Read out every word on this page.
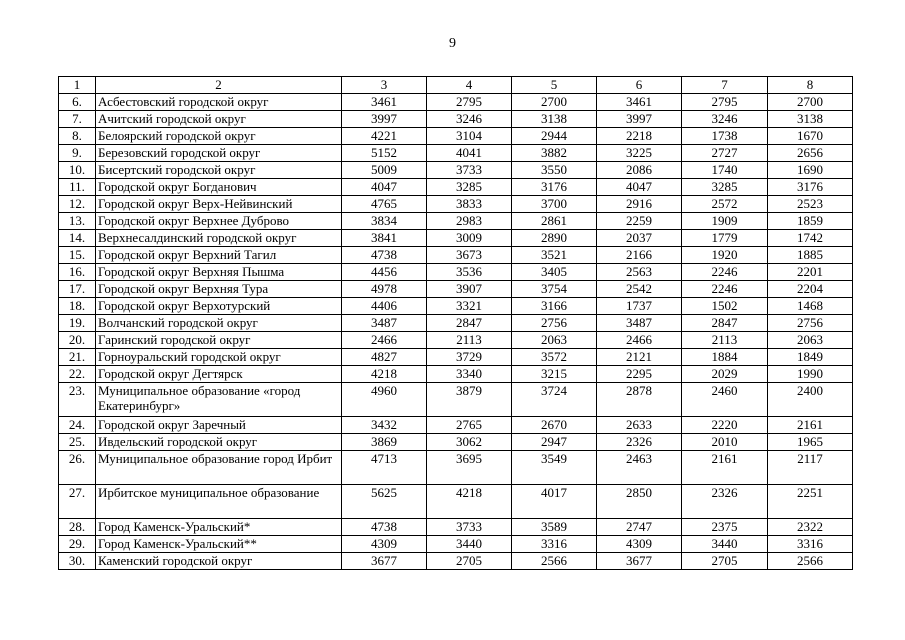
9
1	2	3	4	5	6	7	8
6.	Асбестовский городской округ	3461	2795	2700	3461	2795	2700
7.	Ачитский городской округ	3997	3246	3138	3997	3246	3138
8.	Белоярский городской округ	4221	3104	2944	2218	1738	1670
9.	Березовский городской округ	5152	4041	3882	3225	2727	2656
10.	Бисертский городской округ	5009	3733	3550	2086	1740	1690
11.	Городской округ Богданович	4047	3285	3176	4047	3285	3176
12.	Городской округ Верх-Нейвинский	4765	3833	3700	2916	2572	2523
13.	Городской округ Верхнее Дуброво	3834	2983	2861	2259	1909	1859
14.	Верхнесалдинский городской округ	3841	3009	2890	2037	1779	1742
15.	Городской округ Верхний Тагил	4738	3673	3521	2166	1920	1885
16.	Городской округ Верхняя Пышма	4456	3536	3405	2563	2246	2201
17.	Городской округ Верхняя Тура	4978	3907	3754	2542	2246	2204
18.	Городской округ Верхотурский	4406	3321	3166	1737	1502	1468
19.	Волчанский городской округ	3487	2847	2756	3487	2847	2756
20.	Гаринский городской округ	2466	2113	2063	2466	2113	2063
21.	Горноуральский городской округ	4827	3729	3572	2121	1884	1849
22.	Городской округ Дегтярск	4218	3340	3215	2295	2029	1990
23.	Муниципальное образование «город Екатеринбург»	4960	3879	3724	2878	2460	2400
24.	Городской округ Заречный	3432	2765	2670	2633	2220	2161
25.	Ивдельский городской округ	3869	3062	2947	2326	2010	1965
26.	Муниципальное образование город Ирбит	4713	3695	3549	2463	2161	2117
27.	Ирбитское муниципальное образование	5625	4218	4017	2850	2326	2251
28.	Город Каменск-Уральский*	4738	3733	3589	2747	2375	2322
29.	Город Каменск-Уральский**	4309	3440	3316	4309	3440	3316
30.	Каменский городской округ	3677	2705	2566	3677	2705	2566
